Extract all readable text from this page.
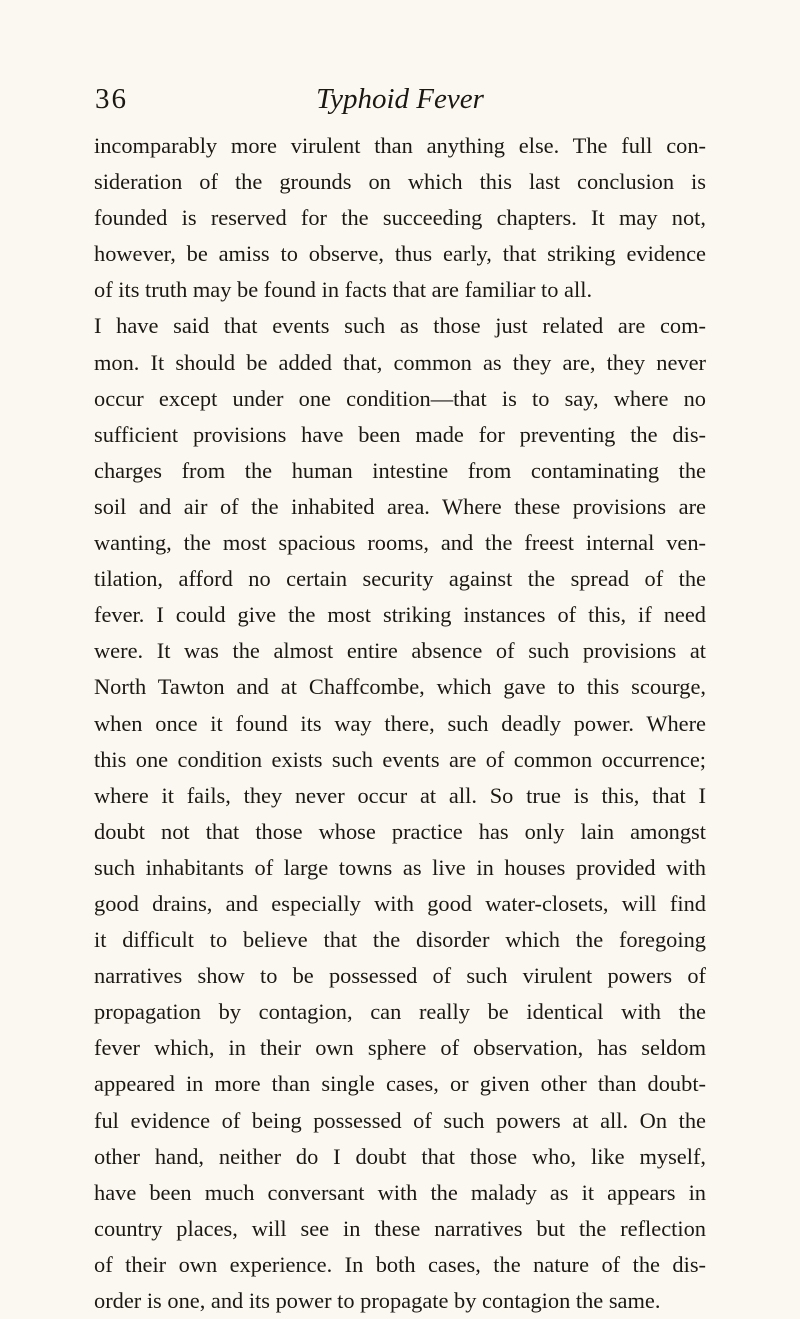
36	Typhoid Fever
incomparably more virulent than anything else. The full con-
sideration of the grounds on which this last conclusion is
founded is reserved for the succeeding chapters. It may not,
however, be amiss to observe, thus early, that striking evidence
of its truth may be found in facts that are familiar to all.
I have said that events such as those just related are com-
mon. It should be added that, common as they are, they never
occur except under one condition—that is to say, where no
sufficient provisions have been made for preventing the dis-
charges from the human intestine from contaminating the
soil and air of the inhabited area. Where these provisions are
wanting, the most spacious rooms, and the freest internal ven-
tilation, afford no certain security against the spread of the
fever. I could give the most striking instances of this, if need
were. It was the almost entire absence of such provisions at
North Tawton and at Chaffcombe, which gave to this scourge,
when once it found its way there, such deadly power. Where
this one condition exists such events are of common occurrence;
where it fails, they never occur at all. So true is this, that I
doubt not that those whose practice has only lain amongst
such inhabitants of large towns as live in houses provided with
good drains, and especially with good water-closets, will find
it difficult to believe that the disorder which the foregoing
narratives show to be possessed of such virulent powers of
propagation by contagion, can really be identical with the
fever which, in their own sphere of observation, has seldom
appeared in more than single cases, or given other than doubt-
ful evidence of being possessed of such powers at all. On the
other hand, neither do I doubt that those who, like myself,
have been much conversant with the malady as it appears in
country places, will see in these narratives but the reflection
of their own experience. In both cases, the nature of the dis-
order is one, and its power to propagate by contagion the same.
